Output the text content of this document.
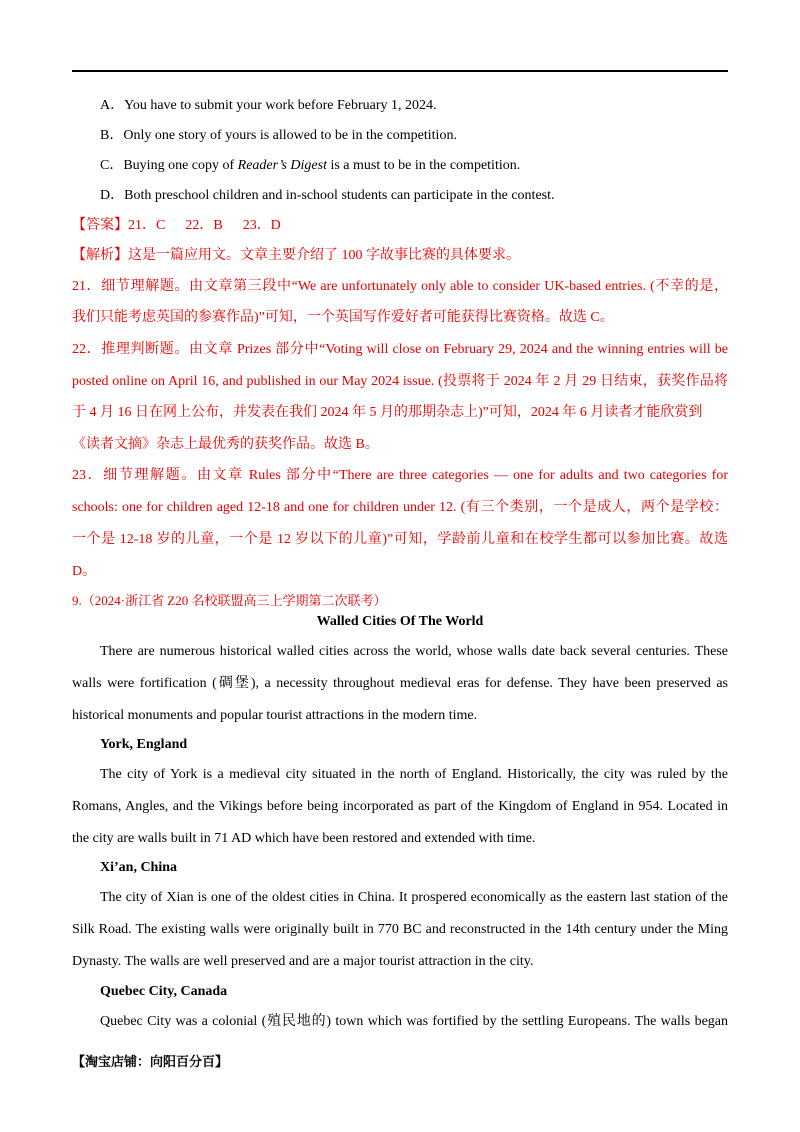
A．You have to submit your work before February 1, 2024.
B．Only one story of yours is allowed to be in the competition.
C．Buying one copy of Reader’s Digest is a must to be in the competition.
D．Both preschool children and in-school students can participate in the contest.
【答案】21．C 22．B 23．D
【解析】这是一篇应用文。文章主要介绍了 100 字故事比赛的具体要求。
21．细节理解题。由文章第三段中“We are unfortunately only able to consider UK-based entries. (不幸的是，
我们只能考虑英国的参赛作品)”可知，一个英国写作爱好者可能获得比赛资格。故选 C。
22．推理判断题。由文章 Prizes 部分中“Voting will close on February 29, 2024 and the winning entries will be
posted online on April 16, and published in our May 2024 issue. (投票将于 2024 年 2 月 29 日结束，获奖作品将
于 4 月 16 日在网上公布，并发表在我们 2024 年 5 月的那期杂志上)”可知，2024 年 6 月读者才能欣赏到
《读者文摘》杂志上最优秀的获奖作品。故选 B。
23．细节理解题。由文章 Rules 部分中“There are three categories — one for adults and two categories for
schools: one for children aged 12-18 and one for children under 12. (有三个类别，一个是成人，两个是学校：
一个是 12-18 岁的儿童，一个是 12 岁以下的儿童)”可知，学龄前儿童和在校学生都可以参加比赛。故选
D。
9.（2024·浙江省 Z20 名校联盟高三上学期第二次联考）
Walled Cities Of The World
There are numerous historical walled cities across the world, whose walls date back several centuries. These
walls were fortification (碉堡), a necessity throughout medieval eras for defense. They have been preserved as
historical monuments and popular tourist attractions in the modern time.
York, England
The city of York is a medieval city situated in the north of England. Historically, the city was ruled by the
Romans, Angles, and the Vikings before being incorporated as part of the Kingdom of England in 954. Located in
the city are walls built in 71 AD which have been restored and extended with time.
Xi’an, China
The city of Xian is one of the oldest cities in China. It prospered economically as the eastern last station of the
Silk Road. The existing walls were originally built in 770 BC and reconstructed in the 14th century under the Ming
Dynasty. The walls are well preserved and are a major tourist attraction in the city.
Quebec City, Canada
Quebec City was a colonial (殖民地的) town which was fortified by the settling Europeans. The walls began
【淘宝店铺：向阳百分百】
